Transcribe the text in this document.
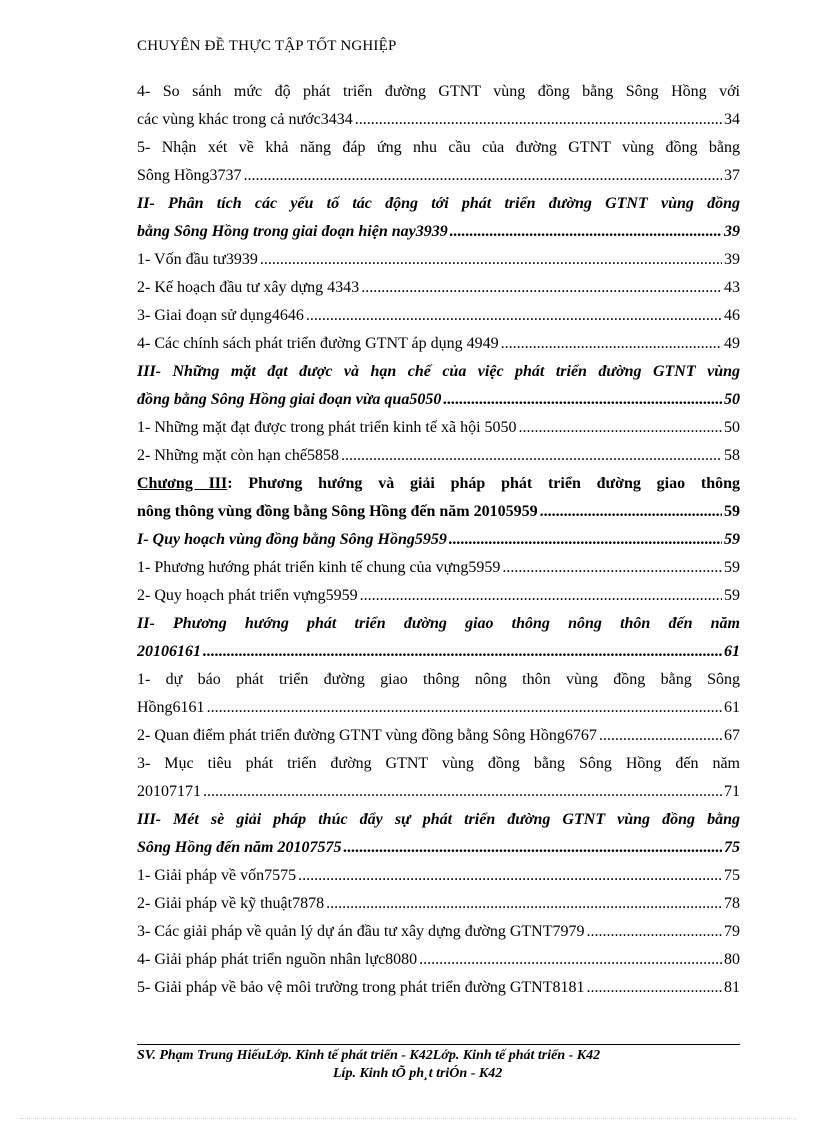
CHUYÊN ĐỀ THỰC TẬP TỐT NGHIỆP
4- So sánh mức độ phát triển đường GTNT vùng đồng bằng Sông Hồng với
các vùng khác trong cả nước3434 .....	34
5- Nhận xét về khả năng đáp ứng nhu cầu của đường GTNT vùng đồng bằng
Sông Hồng3737 .....	37
II- Phân tích các yếu tố tác động tới phát triển đường GTNT vùng đồng
bằng Sông Hồng trong giai đoạn hiện nay3939 .....	39
1- Vốn đầu tư3939 .....	39
2- Kế hoạch đầu tư xây dựng 4343 .....	43
3- Giai đoạn sử dụng4646 .....	46
4- Các chính sách phát triển đường GTNT áp dụng 4949 .....	49
III- Những mặt đạt được và hạn chế của việc phát triển đường GTNT vùng
đồng bằng Sông Hồng giai đoạn vừa qua5050 .....	50
1- Những mặt đạt được trong phát triển kinh tế xã hội 5050 .....	50
2- Những mặt còn hạn chế5858 .....	58
Chương III: Phương hướng và giải pháp phát triển đường giao thông
nông thông vùng đồng bằng Sông Hồng đến năm 20105959 .....	59
I- Quy hoạch vùng đồng bằng Sông Hồng5959 .....	59
1- Phương hướng phát triển kinh tế chung của vựng5959 .....	59
2- Quy hoạch phát triển vựng5959 .....	59
II- Phương hướng phát triển đường giao thông nông thôn đến năm
20106161 .....	61
1- dự báo phát triển đường giao thông nông thôn vùng đồng bằng Sông
Hồng6161 .....	61
2- Quan điểm phát triển đường GTNT vùng đồng bằng Sông Hồng6767 .....	67
3- Mục tiêu phát triển đường GTNT vùng đồng bằng Sông Hồng đến năm
20107171 .....	71
III- Mét sè giải pháp thúc đẩy sự phát triển đường GTNT vùng đồng bằng
Sông Hồng đến năm 20107575 .....	75
1- Giải pháp về vốn7575 .....	75
2- Giải pháp về kỹ thuật7878 .....	78
3- Các giải pháp về quản lý dự án đầu tư xây dựng đường GTNT7979 .....	79
4- Giải pháp phát triển nguồn nhân lực8080 .....	80
5- Giải pháp về bảo vệ môi trường trong phát triển đường GTNT8181 .....	81
SV. Phạm Trung HiếuLớp. Kinh tế phát triển - K42Lớp. Kinh tế phát triển - K42
Líp. Kinh tÕ ph¸t triÓn - K42
